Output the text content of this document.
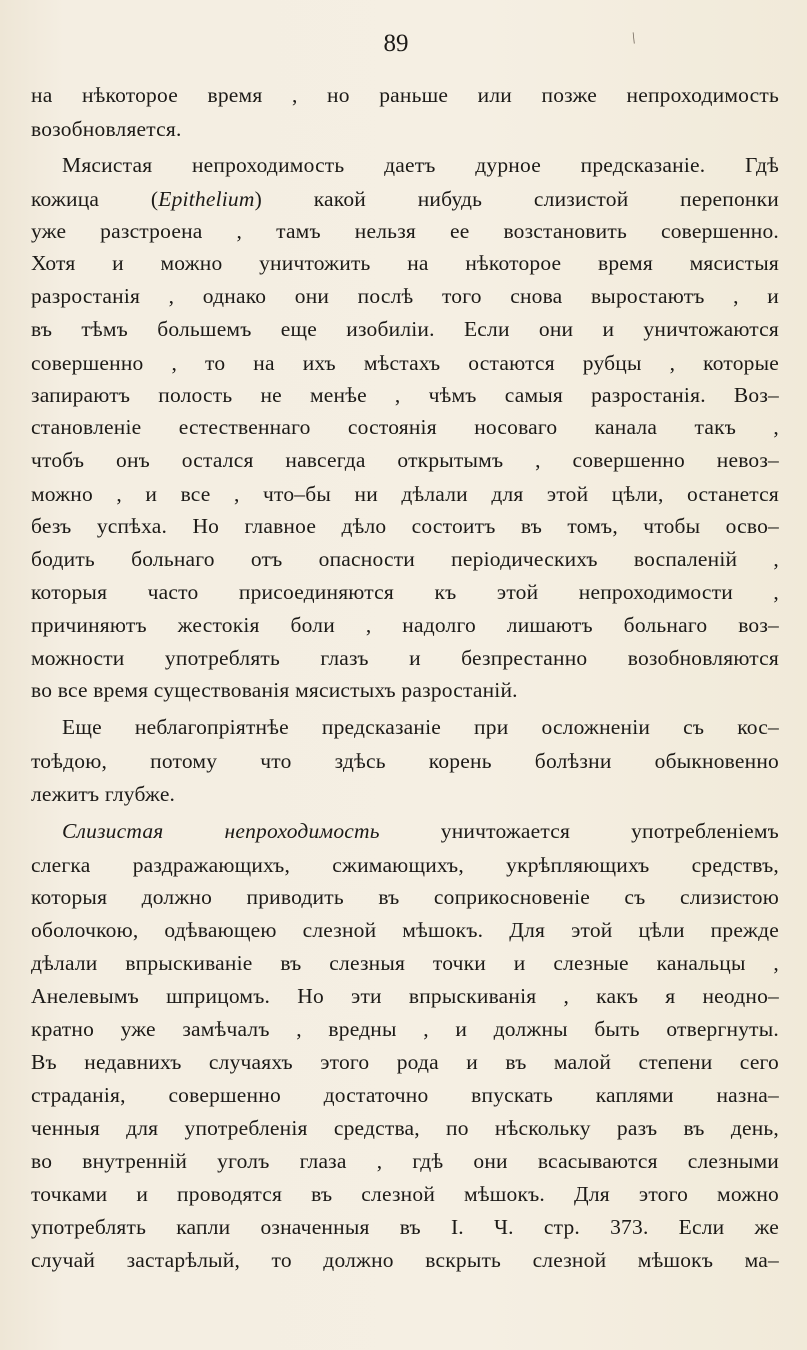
89	/
на нѣкоторое время , но раньше или позже непроходимость
возобновляется.
Мясистая непроходимость даетъ дурное предсказаніе. Гдѣ
кожица (Epithelium) какой нибудь слизистой перепонки
уже разстроена , тамъ нельзя ее возстановить совершенно.
Хотя и можно уничтожить на нѣкоторое время мясистыя
разростанія , однако они послѣ того снова выростаютъ , и
въ тѣмъ большемъ еще изобиліи. Если они и уничтожаются
совершенно , то на ихъ мѣстахъ остаются рубцы , которые
запираютъ полость не менѣе , чѣмъ самыя разростанія. Воз–
становленіе естественнаго состоянія носоваго канала такъ ,
чтобъ онъ остался навсегда открытымъ , совершенно невоз–
можно , и все , что–бы ни дѣлали для этой цѣли, останется
безъ успѣха. Но главное дѣло состоитъ въ томъ, чтобы осво–
бодить больнаго отъ опасности періодическихъ воспаленій ,
которыя часто присоединяются къ этой непроходимости ,
причиняютъ жестокія боли , надолго лишаютъ больнаго воз–
можности употреблять глазъ и безпрестанно возобновляются
во все время существованія мясистыхъ разростаній.
Еще неблагопріятнѣе предсказаніе при осложненіи съ кос–
тоѣдою, потому что здѣсь корень болѣзни обыкновенно
лежитъ глубже.
Слизистая непроходимость уничтожается употребленіемъ
слегка раздражающихъ, сжимающихъ, укрѣпляющихъ средствъ,
которыя должно приводить въ соприкосновеніе съ слизистою
оболочкою, одѣвающею слезной мѣшокъ. Для этой цѣли прежде
дѣлали впрыскиваніе въ слезныя точки и слезные канальцы ,
Анелевымъ шприцомъ. Но эти впрыскиванія , какъ я неодно–
кратно уже замѣчалъ , вредны , и должны быть отвергнуты.
Въ недавнихъ случаяхъ этого рода и въ малой степени сего
страданія, совершенно достаточно впускать каплями назна–
ченныя для употребленія средства, по нѣскольку разъ въ день,
во внутренній уголъ глаза , гдѣ они всасываются слезными
точками и проводятся въ слезной мѣшокъ. Для этого можно
употреблять капли означенныя въ I. Ч. стр. 373. Если же
случай застарѣлый, то должно вскрыть слезной мѣшокъ ма–
